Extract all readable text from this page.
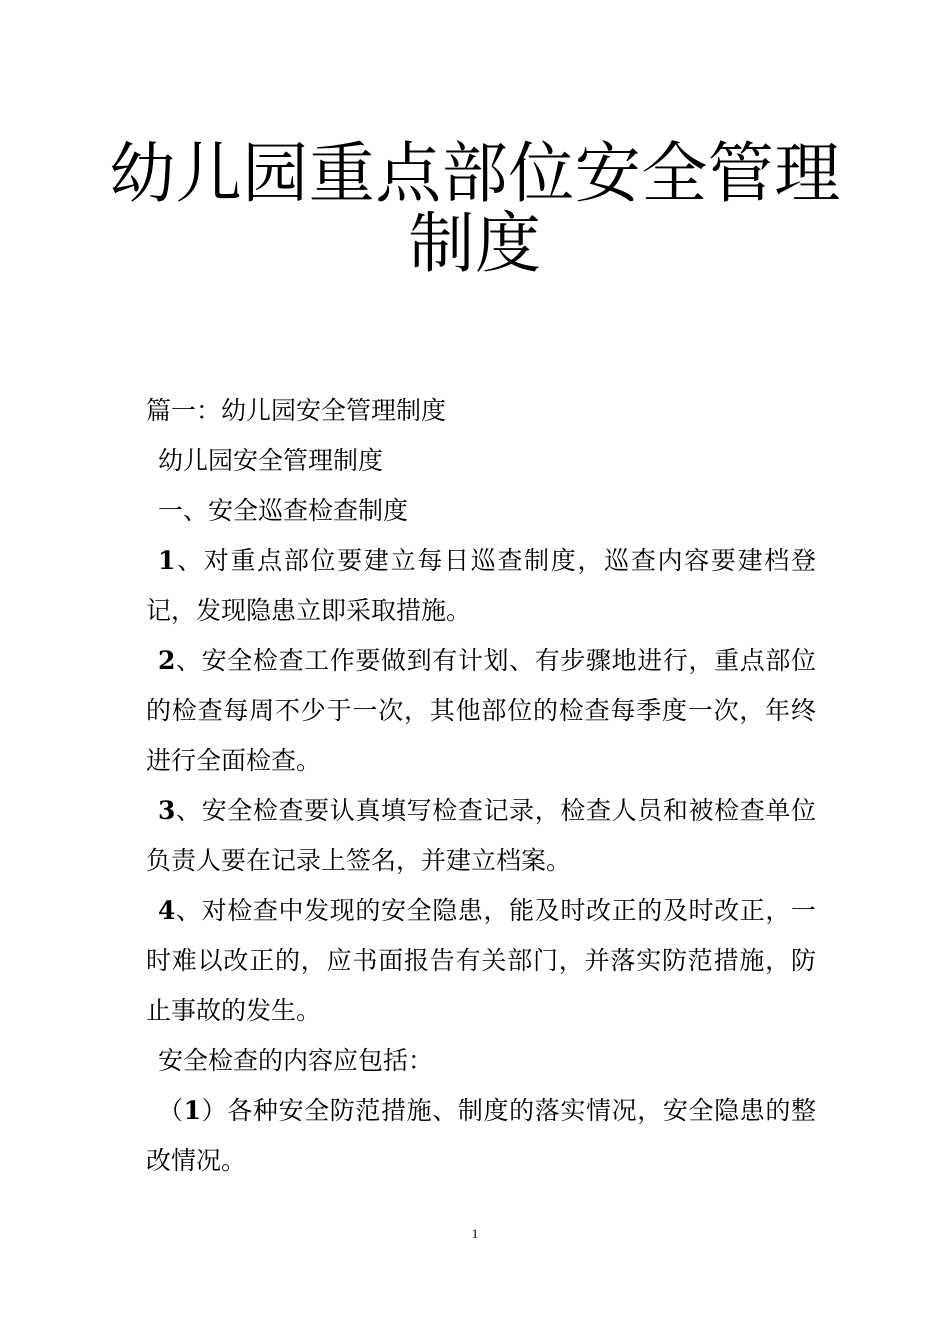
幼儿园重点部位安全管理
制度

篇一：幼儿园安全管理制度

幼儿园安全管理制度

一、安全巡查检查制度

1、对重点部位要建立每日巡查制度，巡查内容要建档登记，发现隐患立即采取措施。

2、安全检查工作要做到有计划、有步骤地进行，重点部位的检查每周不少于一次，其他部位的检查每季度一次，年终进行全面检查。

3、安全检查要认真填写检查记录，检查人员和被检查单位负责人要在记录上签名，并建立档案。

4、对检查中发现的安全隐患，能及时改正的及时改正，一时难以改正的，应书面报告有关部门，并落实防范措施，防止事故的发生。

安全检查的内容应包括：

（1）各种安全防范措施、制度的落实情况，安全隐患的整改情况。

1
